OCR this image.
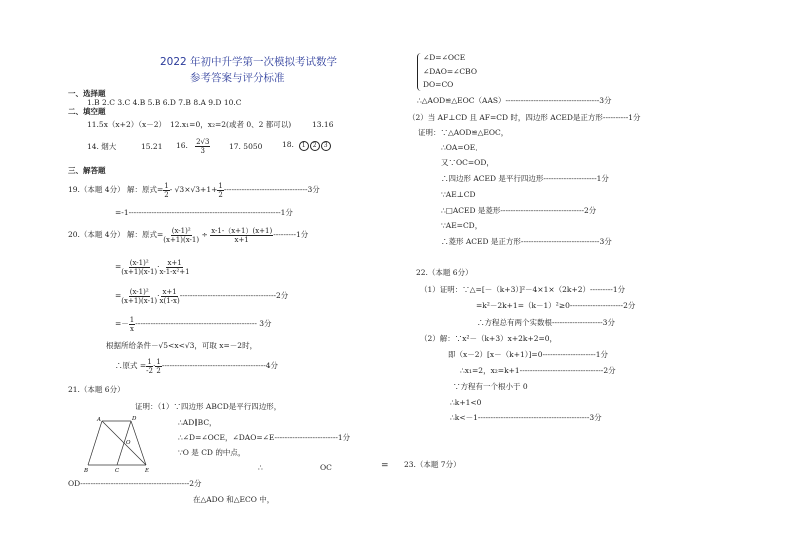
2022 年初中升学第一次模拟考试数学
参考答案与评分标准
一、选择题
1.B 2.C 3.C 4.B 5.B 6.D 7.B 8.A 9.D 10.C
二、填空题
11.5x（x+2）（x－2） 12.x₁=0，x₂=2(或者 0、2 都可以)	13.16
14. 烟大	15.21 16. $\frac{2√3}{3} 17$. 5050	18. 1 2 3
三、解答题
19.（本题 4分） 解：原式= $\frac{1}{2} - √3\times√3+1+ \frac{1}{2} ---------------------------------3$分
=-1------------------------------------------------------------1分
20.（本题 4分） 解：原式= $\frac{\text{(x-1)²}}{(x+1)(x-1)} \div \frac{x-1-(x+1)(x+1)}{x+1} ---------1$分
= $\frac{\text{(x-1)²}}{(x+1)(x-1)} \cdot \frac{x+1}{\text{x-1-x²+1}}$
= $\frac{\text{(x-1)²}}{(x+1)(x-1)} \cdot \frac{x+1}{x(1-x)} --------------------------------------2$分
=－ $\frac{1}{x}$ ------------------------------------------------ 3分
根据所给条件－√5<x<√3，可取 x=－2时，
∴原式 = $\frac{1}{-2} \cdot \frac{1}{2} -----------------------------------------4$分
21.（本题 6分）
证明：（1）∵四边形 ABCD是平行四边形，
∴AD∥BC，
∴∠D=∠OCE，∠DAO=∠E-------------------------1分
∵O 是 CD 的中点，
∴	OC	=
OD-------------------------------------------2分
在△ADO 和△ECO 中，
A	D
O
B	C	E
∠D=∠OCE
∠DAO=∠CBO
DO=CO
∴△AOD≌△EOC（AAS）-------------------------------------3分
（2）当 AF⊥CD 且 AF=CD 时，四边形 ACED是正方形----------1分
证明：∵△AOD≌△EOC，
∴OA=OE．
又∵OC=OD，
∴四边形 ACED 是平行四边形---------------------1分
∵AE⊥CD
∴□ACED 是菱形---------------------------------2分
∵AE=CD，
∴菱形 ACED 是正方形-------------------------------3分
22.（本题 6分）
（1）证明：∵△=[－（k+3）]²－4×1×（2k+2）---------1分
=k²－2k+1=（k－1）²≥0---------------------2分
∴方程总有两个实数根--------------------3分
（2）解：∵x²－（k+3）x+2k+2=0，
即（x－2）[x－（k+1）]=0---------------------1分
∴x₁=2，x₂=k+1---------------------------------2分
∵方程有一个根小于 0
∴k+1<0
∴k<－1--------------------------------------------3分
23.（本题 7分）
